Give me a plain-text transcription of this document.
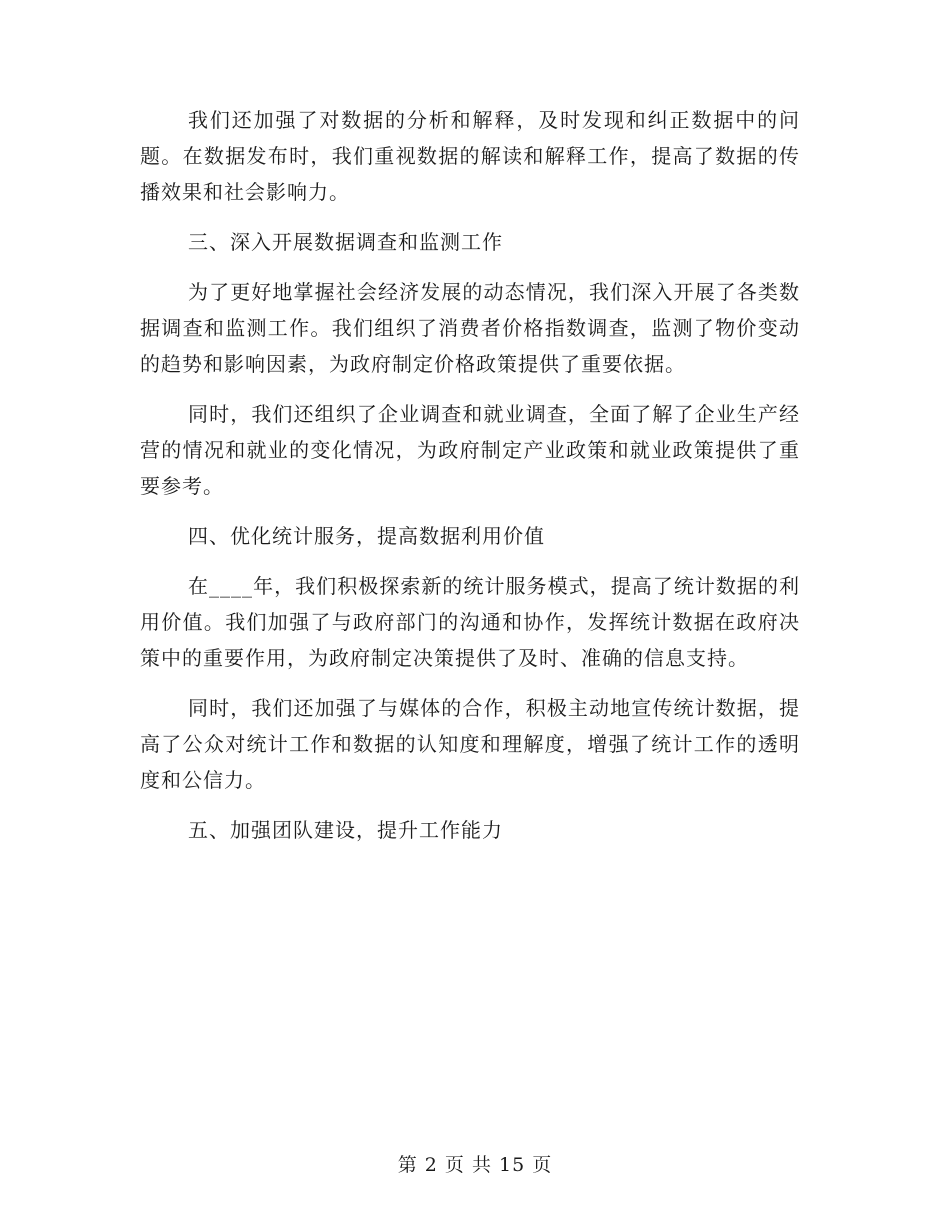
我们还加强了对数据的分析和解释，及时发现和纠正数据中的问题。在数据发布时，我们重视数据的解读和解释工作，提高了数据的传播效果和社会影响力。

三、深入开展数据调查和监测工作

为了更好地掌握社会经济发展的动态情况，我们深入开展了各类数据调查和监测工作。我们组织了消费者价格指数调查，监测了物价变动的趋势和影响因素，为政府制定价格政策提供了重要依据。

同时，我们还组织了企业调查和就业调查，全面了解了企业生产经营的情况和就业的变化情况，为政府制定产业政策和就业政策提供了重要参考。

四、优化统计服务，提高数据利用价值

在____年，我们积极探索新的统计服务模式，提高了统计数据的利用价值。我们加强了与政府部门的沟通和协作，发挥统计数据在政府决策中的重要作用，为政府制定决策提供了及时、准确的信息支持。

同时，我们还加强了与媒体的合作，积极主动地宣传统计数据，提高了公众对统计工作和数据的认知度和理解度，增强了统计工作的透明度和公信力。

五、加强团队建设，提升工作能力

第 2 页 共 15 页
